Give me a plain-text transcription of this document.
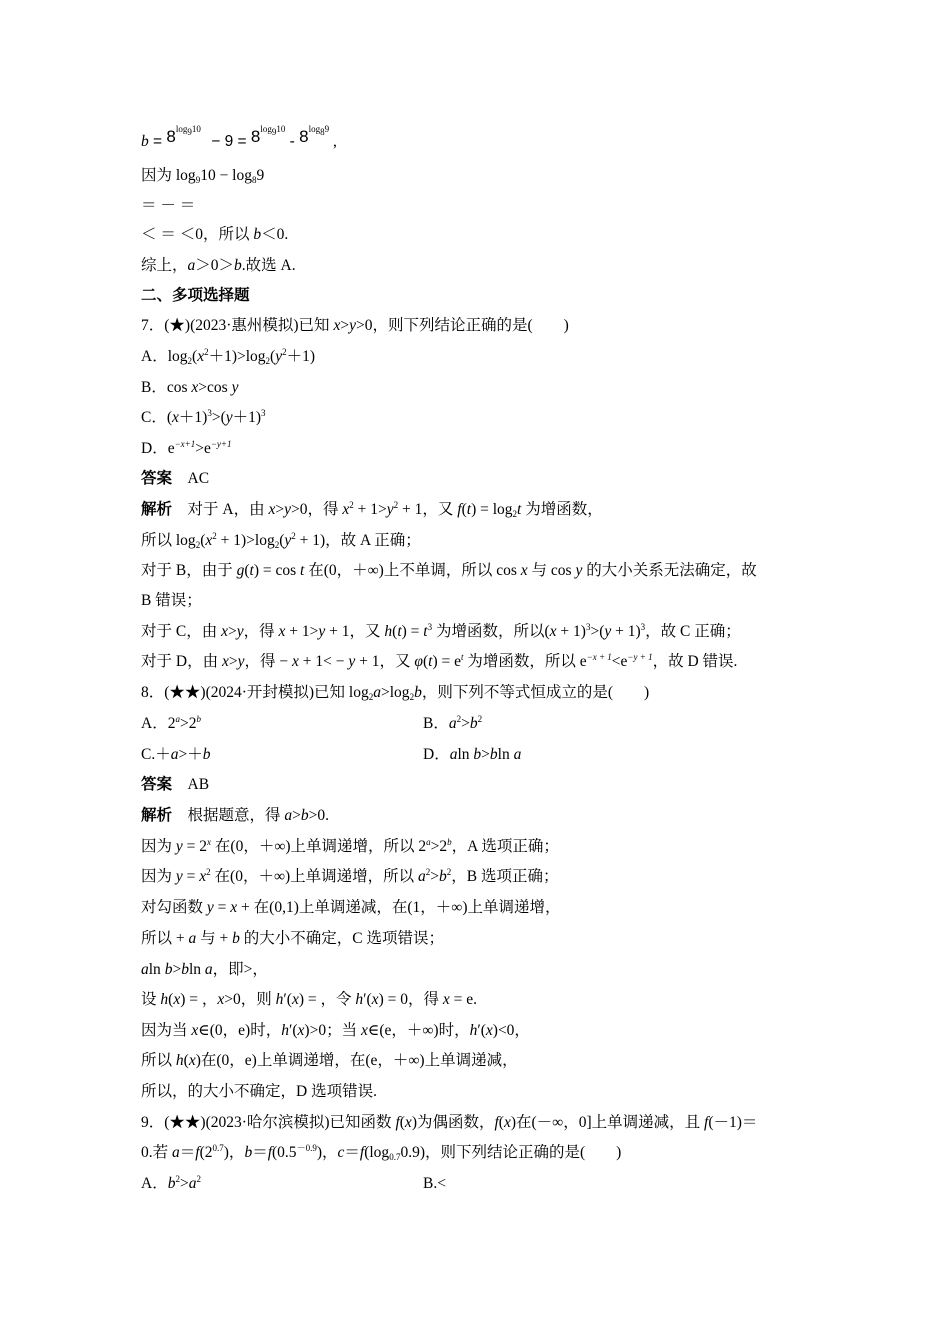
$b = 8^{log_910} - 9 = 8^{log_910} - 8^{log_89}$ ,
因为 $\log_910 - \log_89$
＝ － ＝
＜ ＝ ＜0，所以 b＜0.
综上，a＞0＞b.故选 A.
二、多项选择题
7．(★)(2023·惠州模拟)已知 x>y>0，则下列结论正确的是(　　)
A．$\log_2(x^2+1)>\log_2(y^2+1)$
B．cos x>cos y
C．$(x+1)^3>(y+1)^3$
D．$e^{-x+1}>e^{-y+1}$
答案　AC
解析　对于 A，由 x>y>0，得 $x^2 + 1>y^2 + 1$，又 $f(t) = \log_2t$ 为增函数，
所以 $\log_2(x^2 + 1)>\log_2(y^2 + 1)$，故 A 正确；
对于 B，由于 g(t) = cos t 在(0，＋∞)上不单调，所以 cos x 与 cos y 的大小关系无法确定，故
B 错误；
对于 C，由 x>y，得 x + 1>y + 1，又 $h(t) = t^3$ 为增函数，所以$(x + 1)^3>(y + 1)^3$，故 C 正确；
对于 D，由 x>y，得 − x + 1< − y + 1，又 $\varphi(t) = e^t$ 为增函数，所以 $e^{-x + 1}<e^{-y + 1}$，故 D 错误.
8．(★★)(2024·开封模拟)已知 $\log_2a>\log_2b$，则下列不等式恒成立的是(　　)
A．$2^a>2^b$	B．$a^2>b^2$
C.＋a>＋b	D．aln b>bln a
答案　AB
解析　根据题意，得 a>b>0.
因为 $y = 2^x$ 在(0，＋∞)上单调递增，所以 $2^a>2^b$，A 选项正确；
因为 $y = x^2$ 在(0，＋∞)上单调递增，所以 $a^2>b^2$，B 选项正确；
对勾函数 y = x + 在(0,1)上单调递减，在(1，＋∞)上单调递增，
所以 + a 与 + b 的大小不确定，C 选项错误；
aln b>bln a，即>，
设 h(x) = ，x>0，则 h′(x) = ，令 h′(x) = 0，得 x = e.
因为当 x∈(0，e)时，h′(x)>0；当 x∈(e，＋∞)时，h′(x)<0，
所以 h(x)在(0，e)上单调递增，在(e，＋∞)上单调递减，
所以，的大小不确定，D 选项错误.
9．(★★)(2023·哈尔滨模拟)已知函数 f(x)为偶函数，f(x)在(－∞，0]上单调递减，且 f(－1)＝
0.若 $a=f(2^{0.7})$，$b=f(0.5^{-0.9})$，$c=f(\log_{0.7}0.9)$，则下列结论正确的是(　　)
A．$b^2>a^2$	B.<
